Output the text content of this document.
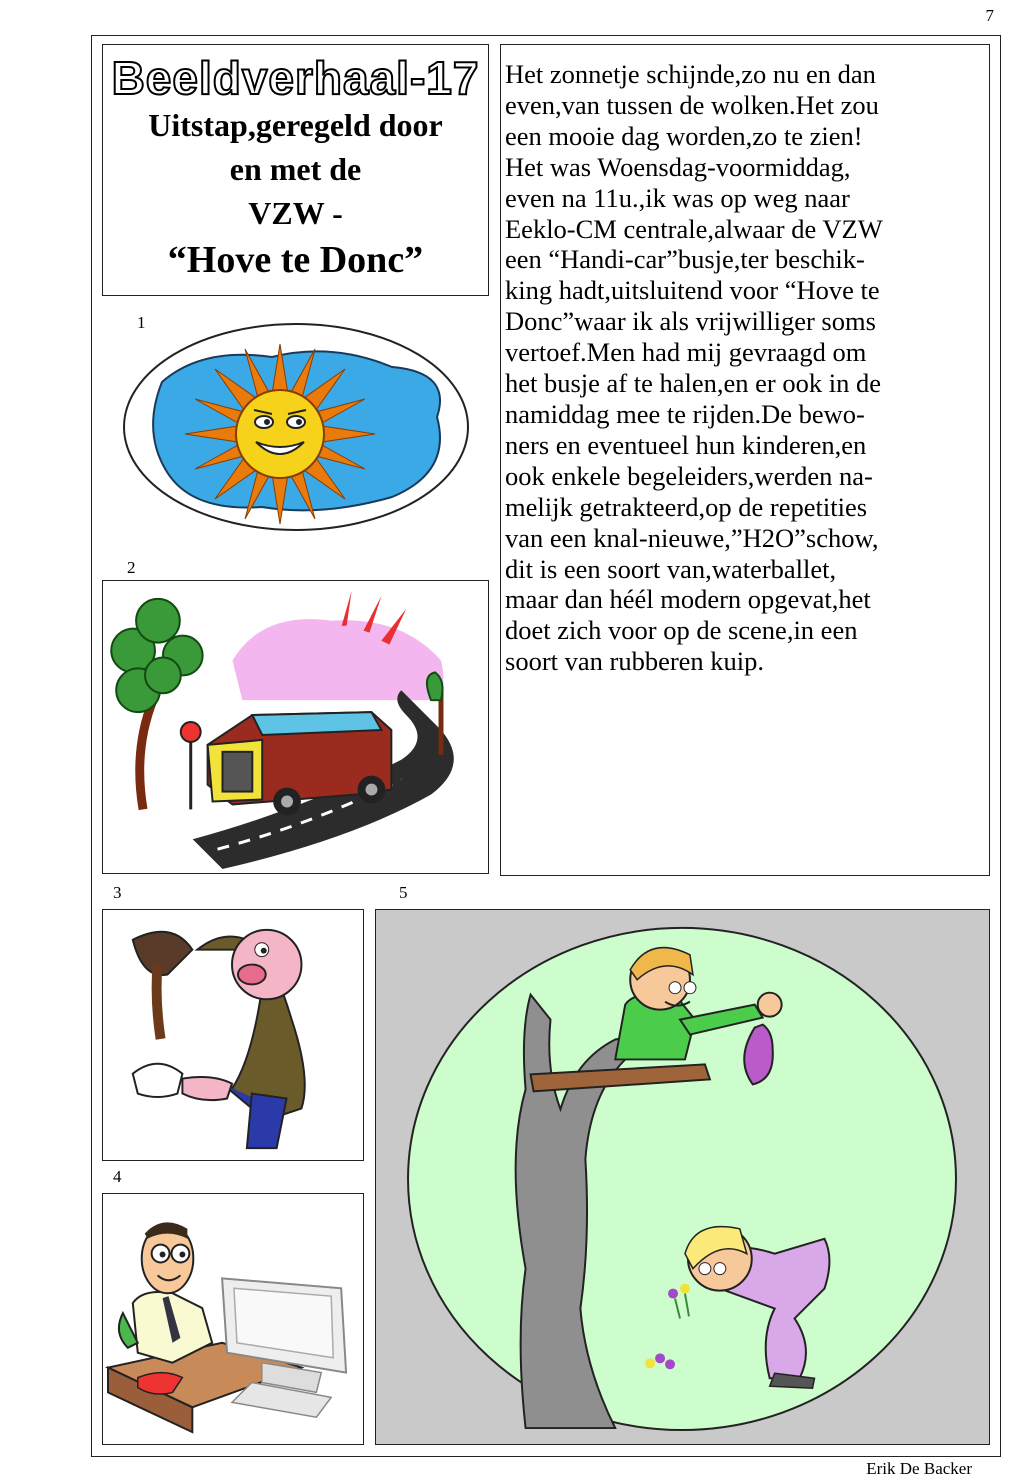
7
Beeldverhaal-17
Uitstap,geregeld door
en met de
VZW -
“Hove te Donc”

Het zonnetje schijnde,zo nu en dan
even,van tussen de wolken.Het zou
een mooie dag worden,zo te zien!
Het was Woensdag-voormiddag,
even na 11u.,ik was op weg naar
Eeklo-CM centrale,alwaar de VZW
een “Handi-car”busje,ter beschik-
king hadt,uitsluitend voor “Hove te
Donc”waar ik als vrijwilliger soms
vertoef.Men had mij gevraagd om
het busje af te halen,en er ook in de
namiddag mee te rijden.De bewo-
ners en eventueel hun kinderen,en
ook enkele begeleiders,werden na-
melijk getrakteerd,op de repetities
van een knal-nieuwe,”H2O”schow,
dit is een soort van,waterballet,
maar dan héél modern opgevat,het
doet zich voor op de scene,in een
soort van rubberen kuip.

1
2
3
4
5
Erik De Backer
